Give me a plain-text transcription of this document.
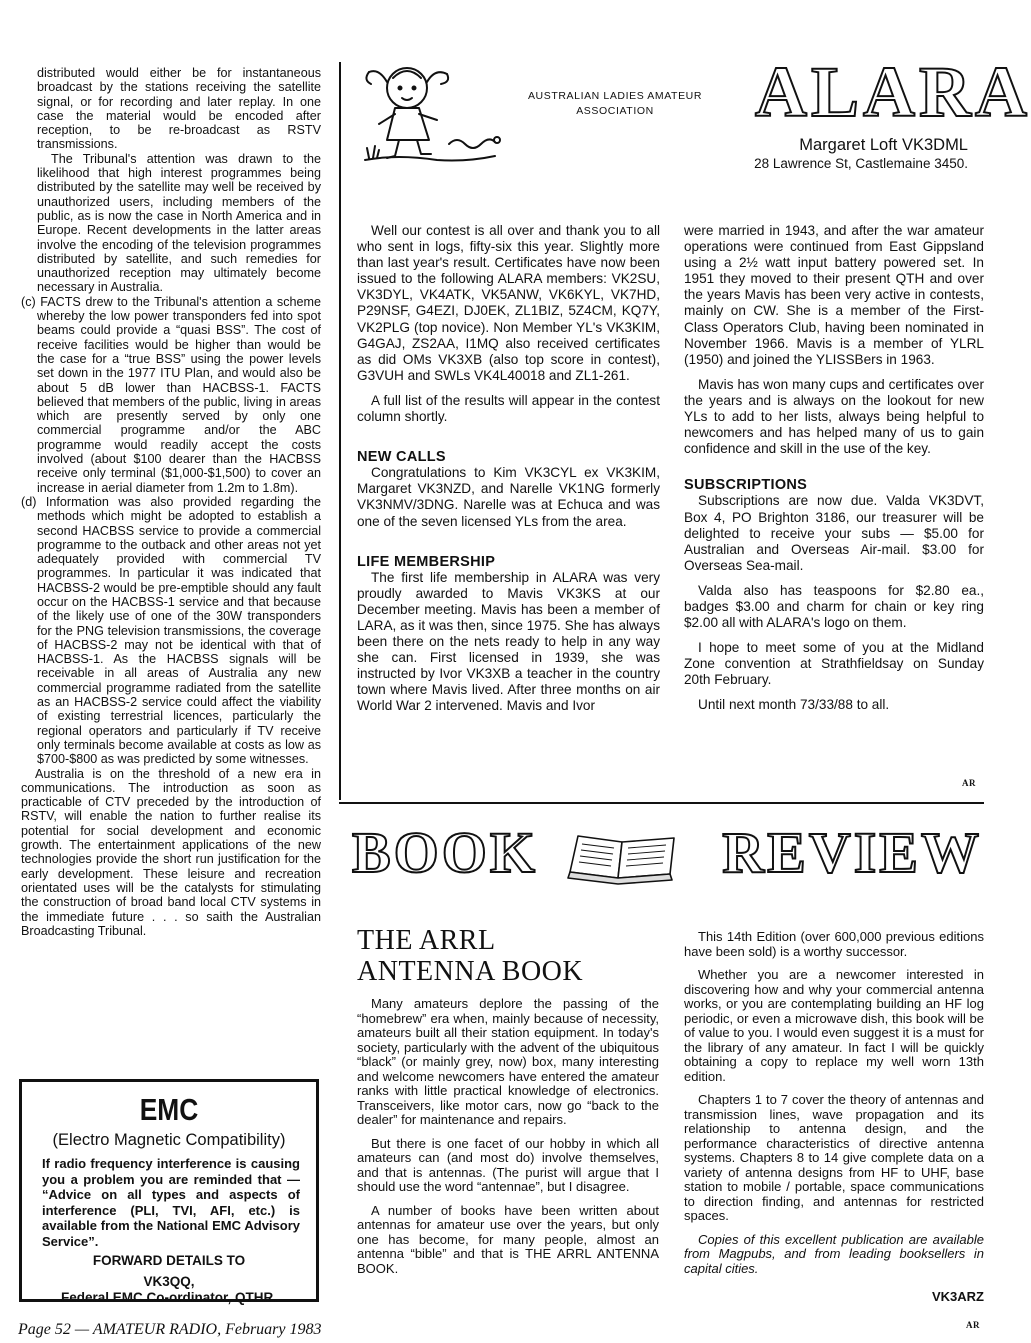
distributed would either be for instantaneous broadcast by the stations receiving the satellite signal, or for recording and later replay. In one case the material would be encoded after reception, to be re-broadcast as RSTV transmissions.

The Tribunal's attention was drawn to the likelihood that high interest programmes being distributed by the satellite may well be received by unauthorized users, including members of the public, as is now the case in North America and in Europe. Recent developments in the latter areas involve the encoding of the television programmes distributed by satellite, and such remedies for unauthorized reception may ultimately become necessary in Australia.

(c) FACTS drew to the Tribunal's attention a scheme whereby the low power transponders fed into spot beams could provide a “quasi BSS”. The cost of receive facilities would be higher than would be the case for a “true BSS” using the power levels set down in the 1977 ITU Plan, and would also be about 5 dB lower than HACBSS-1. FACTS believed that members of the public, living in areas which are presently served by only one commercial programme and/or the ABC programme would readily accept the costs involved (about $100 dearer than the HACBSS receive only terminal ($1,000-$1,500) to cover an increase in aerial diameter from 1.2m to 1.8m).

(d) Information was also provided regarding the methods which might be adopted to establish a second HACBSS service to provide a commercial programme to the outback and other areas not yet adequately provided with commercial TV programmes. In particular it was indicated that HACBSS-2 would be pre-emptible should any fault occur on the HACBSS-1 service and that because of the likely use of one of the 30W transponders for the PNG television transmissions, the coverage of HACBSS-2 may not be identical with that of HACBSS-1. As the HACBSS signals will be receivable in all areas of Australia any new commercial programme radiated from the satellite as an HACBSS-2 service could affect the viability of existing terrestrial licences, particularly the regional operators and particularly if TV receive only terminals become available at costs as low as $700-$800 as was predicted by some witnesses.

Australia is on the threshold of a new era in communications. The introduction as soon as practicable of CTV preceded by the introduction of RSTV, will enable the nation to further realise its potential for social development and economic growth. The entertainment applications of the new technologies provide the short run justification for the early development. These leisure and recreation orientated uses will be the catalysts for stimulating the construction of broad band local CTV systems in the immediate future . . . so saith the Australian Broadcasting Tribunal.

EMC
(Electro Magnetic Compatibility)
If radio frequency interference is causing you a problem you are reminded that — “Advice on all types and aspects of interference (PLI, TVI, AFI, etc.) is available from the National EMC Advisory Service”.
FORWARD DETAILS TO
VK3QQ,
Federal EMC Co-ordinator, QTHR.
AUSTRALIAN LADIES AMATEUR
ASSOCIATION	ALARA
Margaret Loft VK3DML
28 Lawrence St, Castlemaine 3450.

Well our contest is all over and thank you to all who sent in logs, fifty-six this year. Slightly more than last year's result. Certificates have now been issued to the following ALARA members: VK2SU, VK3DYL, VK4ATK, VK5ANW, VK6KYL, VK7HD, P29NSF, G4EZI, DJ0EK, ZL1BIZ, 5Z4CM, KQ7Y, VK2PLG (top novice). Non Member YL's VK3KIM, G4GAJ, ZS2AA, I1MQ also received certificates as did OMs VK3XB (also top score in contest), G3VUH and SWLs VK4L40018 and ZL1-261.

A full list of the results will appear in the contest column shortly.

NEW CALLS

Congratulations to Kim VK3CYL ex VK3KIM, Margaret VK3NZD, and Narelle VK1NG formerly VK3NMV/3DNG. Narelle was at Echuca and was one of the seven licensed YLs from the area.

LIFE MEMBERSHIP

The first life membership in ALARA was very proudly awarded to Mavis VK3KS at our December meeting. Mavis has been a member of LARA, as it was then, since 1975. She has always been there on the nets ready to help in any way she can. First licensed in 1939, she was instructed by Ivor VK3XB a teacher in the country town where Mavis lived. After three months on air World War 2 intervened. Mavis and Ivor

were married in 1943, and after the war amateur operations were continued from East Gippsland using a 2½ watt input battery powered set. In 1951 they moved to their present QTH and over the years Mavis has been very active in contests, mainly on CW. She is a member of the First-Class Operators Club, having been nominated in November 1966. Mavis is a member of YLRL (1950) and joined the YLISSBers in 1963.

Mavis has won many cups and certificates over the years and is always on the lookout for new YLs to add to her lists, always being helpful to newcomers and has helped many of us to gain confidence and skill in the use of the key.

SUBSCRIPTIONS

Subscriptions are now due. Valda VK3DVT, Box 4, PO Brighton 3186, our treasurer will be delighted to receive your subs — $5.00 for Australian and Overseas Air-mail. $3.00 for Overseas Sea-mail.

Valda also has teaspoons for $2.80 ea., badges $3.00 and charm for chain or key ring $2.00 all with ALARA's logo on them.

I hope to meet some of you at the Midland Zone convention at Strathfieldsay on Sunday 20th February.

Until next month 73/33/88 to all.

AR
BOOK	REVIEW
THE ARRL
ANTENNA BOOK

Many amateurs deplore the passing of the “homebrew” era when, mainly because of necessity, amateurs built all their station equipment. In today's society, particularly with the advent of the ubiquitous “black” (or mainly grey, now) box, many interesting and welcome newcomers have entered the amateur ranks with little practical knowledge of electronics. Transceivers, like motor cars, now go “back to the dealer” for maintenance and repairs.

But there is one facet of our hobby in which all amateurs can (and most do) involve themselves, and that is antennas. (The purist will argue that I should use the word “antennae”, but I disagree.

A number of books have been written about antennas for amateur use over the years, but only one has become, for many people, almost an antenna “bible” and that is THE ARRL ANTENNA BOOK.

This 14th Edition (over 600,000 previous editions have been sold) is a worthy successor.

Whether you are a newcomer interested in discovering how and why your commercial antenna works, or you are contemplating building an HF log periodic, or even a microwave dish, this book will be of value to you. I would even suggest it is a must for the library of any amateur. In fact I will be quickly obtaining a copy to replace my well worn 13th edition.

Chapters 1 to 7 cover the theory of antennas and transmission lines, wave propagation and its relationship to antenna design, and the performance characteristics of directive antenna systems. Chapters 8 to 14 give complete data on a variety of antenna designs from HF to UHF, base station to mobile / portable, space communications to direction finding, and antennas for restricted spaces.

Copies of this excellent publication are available from Magpubs, and from leading booksellers in capital cities.

VK3ARZ
AR
Page 52 — AMATEUR RADIO, February 1983
